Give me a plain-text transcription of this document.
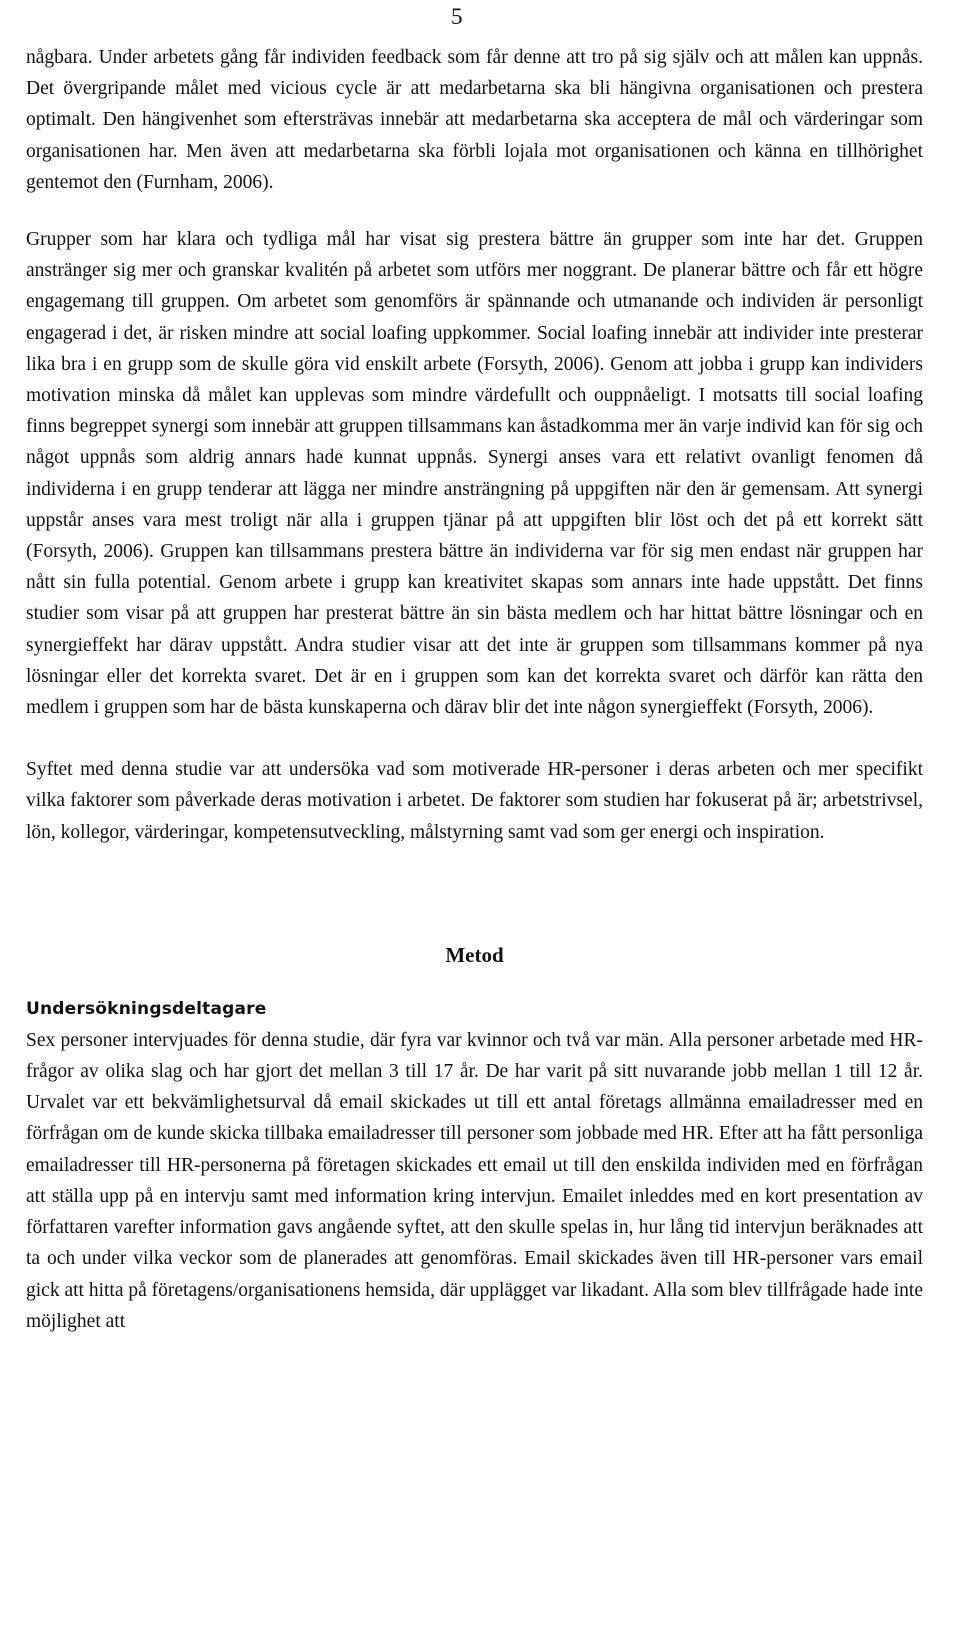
5

någbara. Under arbetets gång får individen feedback som får denne att tro på sig själv och att målen kan uppnås. Det övergripande målet med vicious cycle är att medarbetarna ska bli hängivna organisationen och prestera optimalt. Den hängivenhet som eftersträvas innebär att medarbetarna ska acceptera de mål och värderingar som organisationen har. Men även att medarbetarna ska förbli lojala mot organisationen och känna en tillhörighet gentemot den (Furnham, 2006).

Grupper som har klara och tydliga mål har visat sig prestera bättre än grupper som inte har det. Gruppen anstränger sig mer och granskar kvalitén på arbetet som utförs mer noggrant. De planerar bättre och får ett högre engagemang till gruppen. Om arbetet som genomförs är spännande och utmanande och individen är personligt engagerad i det, är risken mindre att social loafing uppkommer. Social loafing innebär att individer inte presterar lika bra i en grupp som de skulle göra vid enskilt arbete (Forsyth, 2006). Genom att jobba i grupp kan individers motivation minska då målet kan upplevas som mindre värdefullt och ouppnåeligt. I motsatts till social loafing finns begreppet synergi som innebär att gruppen tillsammans kan åstadkomma mer än varje individ kan för sig och något uppnås som aldrig annars hade kunnat uppnås. Synergi anses vara ett relativt ovanligt fenomen då individerna i en grupp tenderar att lägga ner mindre ansträngning på uppgiften när den är gemensam. Att synergi uppstår anses vara mest troligt när alla i gruppen tjänar på att uppgiften blir löst och det på ett korrekt sätt (Forsyth, 2006). Gruppen kan tillsammans prestera bättre än individerna var för sig men endast när gruppen har nått sin fulla potential. Genom arbete i grupp kan kreativitet skapas som annars inte hade uppstått. Det finns studier som visar på att gruppen har presterat bättre än sin bästa medlem och har hittat bättre lösningar och en synergieffekt har därav uppstått. Andra studier visar att det inte är gruppen som tillsammans kommer på nya lösningar eller det korrekta svaret. Det är en i gruppen som kan det korrekta svaret och därför kan rätta den medlem i gruppen som har de bästa kunskaperna och därav blir det inte någon synergieffekt (Forsyth, 2006).

Syftet med denna studie var att undersöka vad som motiverade HR-personer i deras arbeten och mer specifikt vilka faktorer som påverkade deras motivation i arbetet. De faktorer som studien har fokuserat på är; arbetstrivsel, lön, kollegor, värderingar, kompetensutveckling, målstyrning samt vad som ger energi och inspiration.

Metod
Undersökningsdeltagare

Sex personer intervjuades för denna studie, där fyra var kvinnor och två var män. Alla personer arbetade med HR-frågor av olika slag och har gjort det mellan 3 till 17 år. De har varit på sitt nuvarande jobb mellan 1 till 12 år. Urvalet var ett bekvämlighetsurval då email skickades ut till ett antal företags allmänna emailadresser med en förfrågan om de kunde skicka tillbaka emailadresser till personer som jobbade med HR. Efter att ha fått personliga emailadresser till HR-personerna på företagen skickades ett email ut till den enskilda individen med en förfrågan att ställa upp på en intervju samt med information kring intervjun. Emailet inleddes med en kort presentation av författaren varefter information gavs angående syftet, att den skulle spelas in, hur lång tid intervjun beräknades att ta och under vilka veckor som de planerades att genomföras. Email skickades även till HR-personer vars email gick att hitta på företagens/organisationens hemsida, där upplägget var likadant. Alla som blev tillfrågade hade inte möjlighet att
